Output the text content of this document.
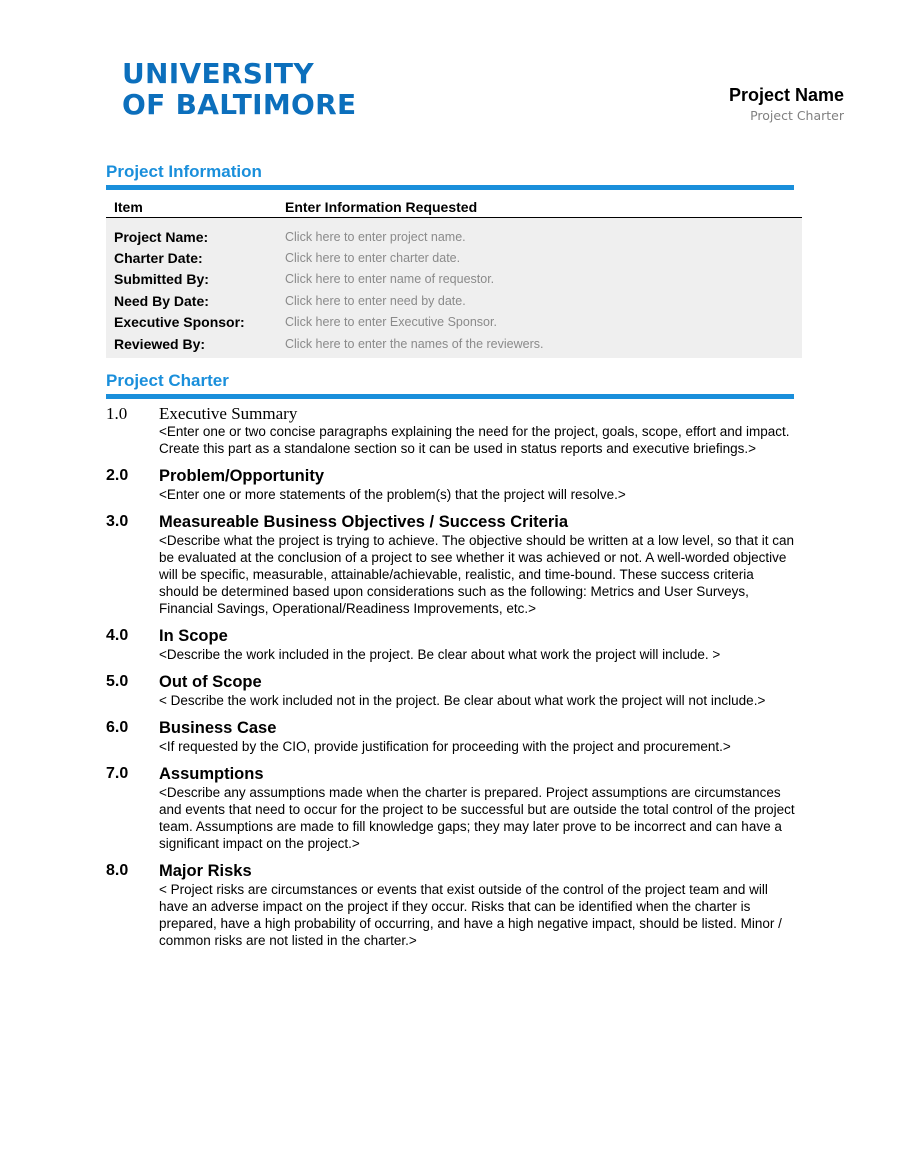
UNIVERSITY
OF BALTIMORE	Project Name
Project Charter
Project Information
Item	Enter Information Requested
Project Name:	Click here to enter project name.
Charter Date:	Click here to enter charter date.
Submitted By:	Click here to enter name of requestor.
Need By Date:	Click here to enter need by date.
Executive Sponsor:	Click here to enter Executive Sponsor.
Reviewed By:	Click here to enter the names of the reviewers.
Project Charter
1.0	Executive Summary
<Enter one or two concise paragraphs explaining the need for the project, goals, scope, effort and impact. Create this part as a standalone section so it can be used in status reports and executive briefings.>
2.0	Problem/Opportunity
<Enter one or more statements of the problem(s) that the project will resolve.>
3.0	Measureable Business Objectives / Success Criteria
<Describe what the project is trying to achieve. The objective should be written at a low level, so that it can be evaluated at the conclusion of a project to see whether it was achieved or not. A well-worded objective will be specific, measurable, attainable/achievable, realistic, and time-bound. These success criteria should be determined based upon considerations such as the following: Metrics and User Surveys, Financial Savings, Operational/Readiness Improvements, etc.>
4.0	In Scope
<Describe the work included in the project. Be clear about what work the project will include. >
5.0	Out of Scope
< Describe the work included not in the project. Be clear about what work the project will not include.>
6.0	Business Case
<If requested by the CIO, provide justification for proceeding with the project and procurement.>
7.0	Assumptions
<Describe any assumptions made when the charter is prepared. Project assumptions are circumstances and events that need to occur for the project to be successful but are outside the total control of the project team. Assumptions are made to fill knowledge gaps; they may later prove to be incorrect and can have a significant impact on the project.>
8.0	Major Risks
< Project risks are circumstances or events that exist outside of the control of the project team and will have an adverse impact on the project if they occur. Risks that can be identified when the charter is prepared, have a high probability of occurring, and have a high negative impact, should be listed. Minor / common risks are not listed in the charter.>
